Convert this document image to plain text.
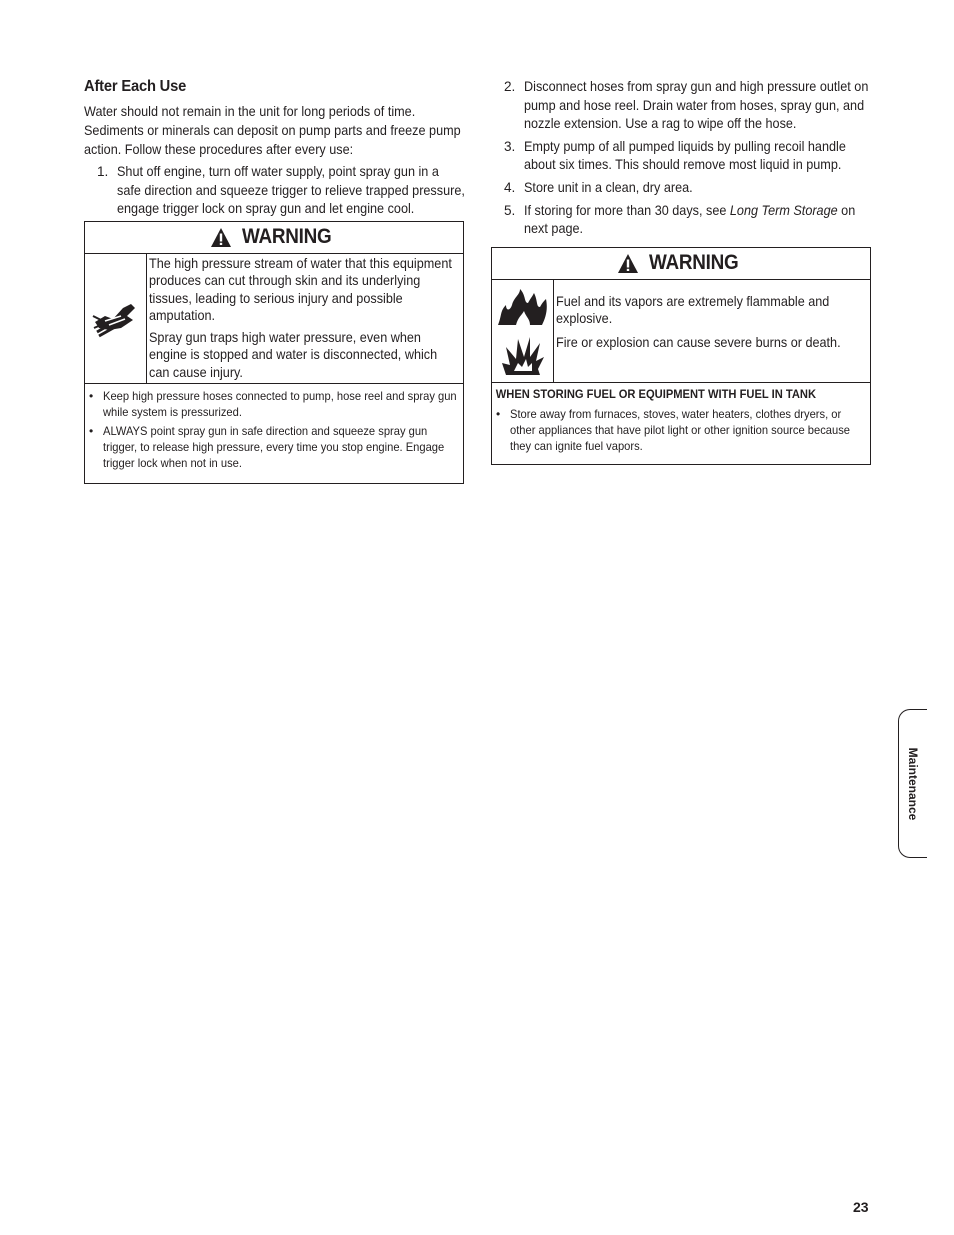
After Each Use

Water should not remain in the unit for long periods of time. Sediments or minerals can deposit on pump parts and freeze pump action. Follow these procedures after every use:

1. Shut off engine, turn off water supply, point spray gun in a safe direction and squeeze trigger to relieve trapped pressure, engage trigger lock on spray gun and let engine cool.
WARNING

The high pressure stream of water that this equipment produces can cut through skin and its underlying tissues, leading to serious injury and possible amputation.

Spray gun traps high water pressure, even when engine is stopped and water is disconnected, which can cause injury.

• Keep high pressure hoses connected to pump, hose reel and spray gun while system is pressurized.
• ALWAYS point spray gun in safe direction and squeeze spray gun trigger, to release high pressure, every time you stop engine. Engage trigger lock when not in use.
2. Disconnect hoses from spray gun and high pressure outlet on pump and hose reel. Drain water from hoses, spray gun, and nozzle extension. Use a rag to wipe off the hose.
3. Empty pump of all pumped liquids by pulling recoil handle about six times. This should remove most liquid in pump.
4. Store unit in a clean, dry area.
5. If storing for more than 30 days, see Long Term Storage on next page.
WARNING

Fuel and its vapors are extremely flammable and explosive.

Fire or explosion can cause severe burns or death.

WHEN STORING FUEL OR EQUIPMENT WITH FUEL IN TANK
• Store away from furnaces, stoves, water heaters, clothes dryers, or other appliances that have pilot light or other ignition source because they can ignite fuel vapors.
Maintenance
23
